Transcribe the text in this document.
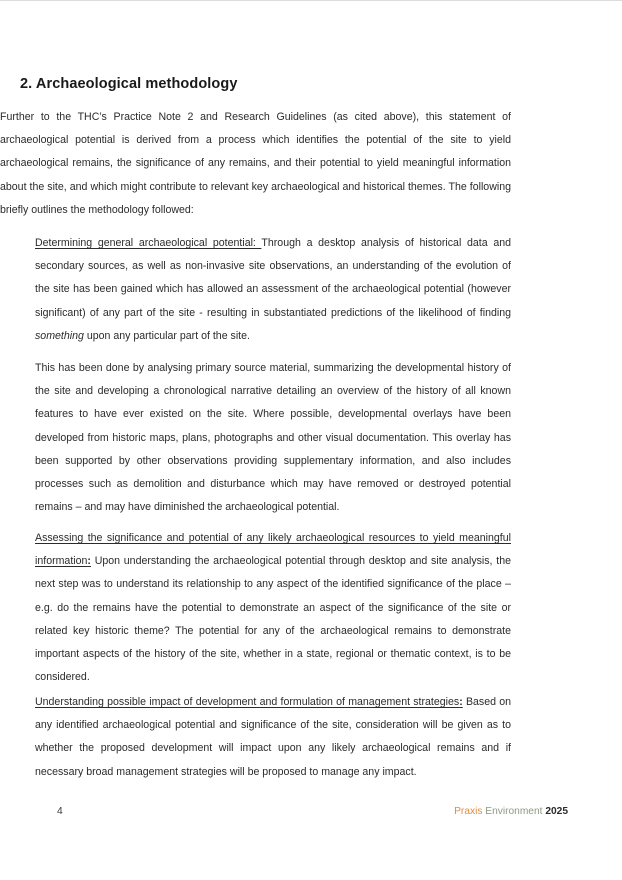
2. Archaeological methodology

Further to the THC’s Practice Note 2 and Research Guidelines (as cited above), this statement of archaeological potential is derived from a process which identifies the potential of the site to yield archaeological remains, the significance of any remains, and their potential to yield meaningful information about the site, and which might contribute to relevant key archaeological and historical themes. The following briefly outlines the methodology followed:

Determining general archaeological potential: Through a desktop analysis of historical data and secondary sources, as well as non-invasive site observations, an understanding of the evolution of the site has been gained which has allowed an assessment of the archaeological potential (however significant) of any part of the site - resulting in substantiated predictions of the likelihood of finding something upon any particular part of the site.

This has been done by analysing primary source material, summarizing the developmental history of the site and developing a chronological narrative detailing an overview of the history of all known features to have ever existed on the site. Where possible, developmental overlays have been developed from historic maps, plans, photographs and other visual documentation. This overlay has been supported by other observations providing supplementary information, and also includes processes such as demolition and disturbance which may have removed or destroyed potential remains – and may have diminished the archaeological potential.

Assessing the significance and potential of any likely archaeological resources to yield meaningful information: Upon understanding the archaeological potential through desktop and site analysis, the next step was to understand its relationship to any aspect of the identified significance of the place – e.g. do the remains have the potential to demonstrate an aspect of the significance of the site or related key historic theme? The potential for any of the archaeological remains to demonstrate important aspects of the history of the site, whether in a state, regional or thematic context, is to be considered.

Understanding possible impact of development and formulation of management strategies: Based on any identified archaeological potential and significance of the site, consideration will be given as to whether the proposed development will impact upon any likely archaeological remains and if necessary broad management strategies will be proposed to manage any impact.

4	Praxis Environment 2025
